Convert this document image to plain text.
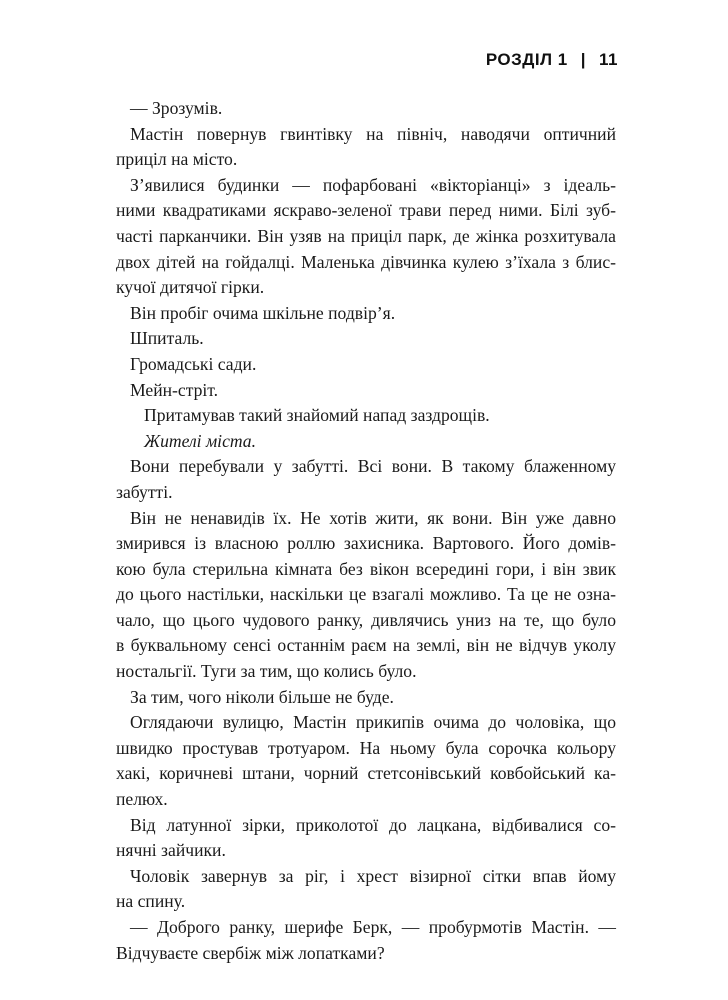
РОЗДІЛ 1 | 11

— Зрозумів.

Мастін повернув гвинтівку на північ, наводячи оптичний
приціл на місто.

З’явилися будинки — пофарбовані «вікторіанці» з ідеаль-
ними квадратиками яскраво-зеленої трави перед ними. Білі зуб-
часті парканчики. Він узяв на приціл парк, де жінка розхитувала
двох дітей на гойдалці. Маленька дівчинка кулею з’їхала з блис-
кучої дитячої гірки.

Він пробіг очима шкільне подвір’я.

Шпиталь.

Громадські сади.

Мейн-стріт.

Притамував такий знайомий напад заздрощів.

Жителі міста.

Вони перебували у забутті. Всі вони. В такому блаженному
забутті.

Він не ненавидів їх. Не хотів жити, як вони. Він уже давно
змирився із власною роллю захисника. Вартового. Його домів-
кою була стерильна кімната без вікон всередині гори, і він звик
до цього настільки, наскільки це взагалі можливо. Та це не озна-
чало, що цього чудового ранку, дивлячись униз на те, що було
в буквальному сенсі останнім раєм на землі, він не відчув уколу
ностальгії. Туги за тим, що колись було.

За тим, чого ніколи більше не буде.

Оглядаючи вулицю, Мастін прикипів очима до чоловіка, що
швидко простував тротуаром. На ньому була сорочка кольору
хакі, коричневі штани, чорний стетсонівський ковбойський ка-
пелюх.

Від латунної зірки, приколотої до лацкана, відбивалися со-
нячні зайчики.

Чоловік завернув за ріг, і хрест візирної сітки впав йому
на спину.

— Доброго ранку, шерифе Берк, — пробурмотів Мастін. —
Відчуваєте свербіж між лопатками?
